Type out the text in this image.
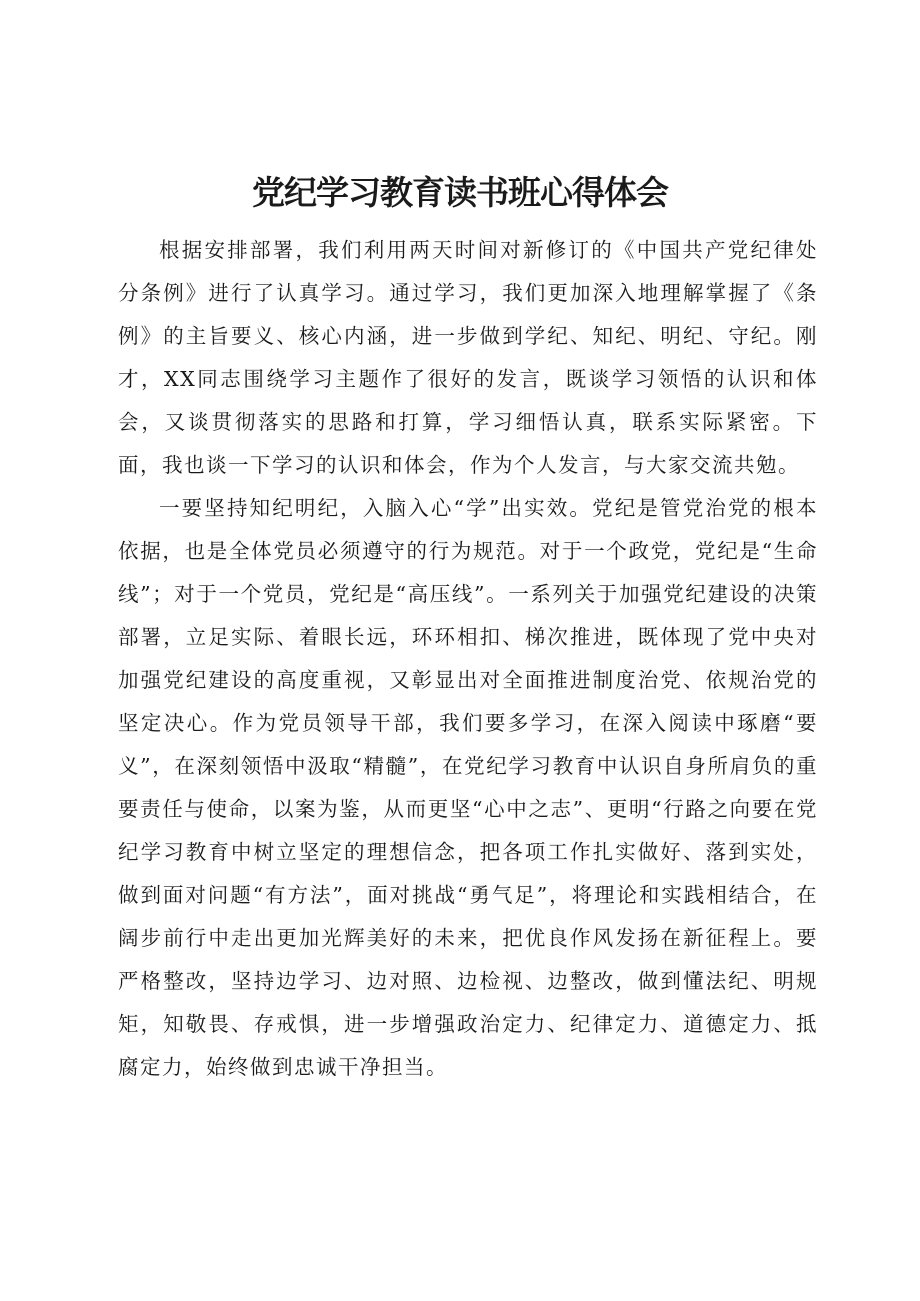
党纪学习教育读书班心得体会

根据安排部署，我们利用两天时间对新修订的《中国共产党纪律处分条例》进行了认真学习。通过学习，我们更加深入地理解掌握了《条例》的主旨要义、核心内涵，进一步做到学纪、知纪、明纪、守纪。刚才，XX同志围绕学习主题作了很好的发言，既谈学习领悟的认识和体会，又谈贯彻落实的思路和打算，学习细悟认真，联系实际紧密。下面，我也谈一下学习的认识和体会，作为个人发言，与大家交流共勉。

一要坚持知纪明纪，入脑入心“学”出实效。党纪是管党治党的根本依据，也是全体党员必须遵守的行为规范。对于一个政党，党纪是“生命线”；对于一个党员，党纪是“高压线”。一系列关于加强党纪建设的决策部署，立足实际、着眼长远，环环相扣、梯次推进，既体现了党中央对加强党纪建设的高度重视，又彰显出对全面推进制度治党、依规治党的坚定决心。作为党员领导干部，我们要多学习，在深入阅读中琢磨“要义”，在深刻领悟中汲取“精髓”，在党纪学习教育中认识自身所肩负的重要责任与使命，以案为鉴，从而更坚“心中之志”、更明“行路之向要在党纪学习教育中树立坚定的理想信念，把各项工作扎实做好、落到实处，做到面对问题“有方法”，面对挑战“勇气足”，将理论和实践相结合，在阔步前行中走出更加光辉美好的未来，把优良作风发扬在新征程上。要严格整改，坚持边学习、边对照、边检视、边整改，做到懂法纪、明规矩，知敬畏、存戒惧，进一步增强政治定力、纪律定力、道德定力、抵腐定力，始终做到忠诚干净担当。
